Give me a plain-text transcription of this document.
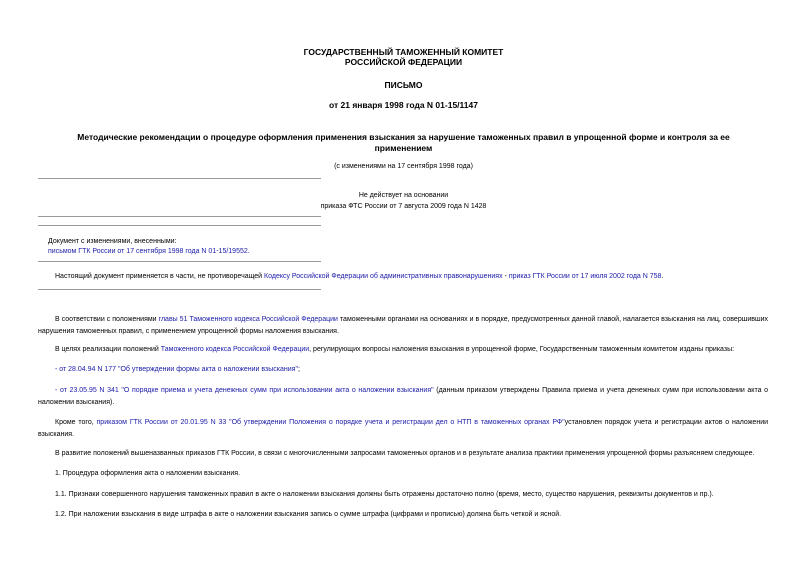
ГОСУДАРСТВЕННЫЙ ТАМОЖЕННЫЙ КОМИТЕТ
РОССИЙСКОЙ ФЕДЕРАЦИИ
ПИСЬМО
от 21 января 1998 года N 01-15/1147
Методические рекомендации о процедуре оформления применения взыскания за нарушение таможенных правил в упрощенной форме и контроля за ее
применением
(с изменениями на 17 сентября 1998 года)
Не действует на основании
приказа ФТС России от 7 августа 2009 года N 1428
Документ с изменениями, внесенными:
письмом ГТК России от 17 сентября 1998 года N 01-15/19552.
Настоящий документ применяется в части, не противоречащей Кодексу Российской Федерации об административных правонарушениях - приказ ГТК России от 17 июля 2002 года N 758.
В соответствии с положениями главы 51 Таможенного кодекса Российской Федерации таможенными органами на основаниях и в порядке, предусмотренных данной главой, налагается взыскания на лиц, совершивших нарушения таможенных правил, с применением упрощенной формы наложения взыскания.
В целях реализации положений Таможенного кодекса Российской Федерации, регулирующих вопросы наложения взыскания в упрощенной форме, Государственным таможенным комитетом изданы приказы:
- от 28.04.94 N 177 "Об утверждении формы акта о наложении взыскания";
- от 23.05.95 N 341 "О порядке приема и учета денежных сумм при использовании акта о наложении взыскания" (данным приказом утверждены Правила приема и учета денежных сумм при использовании акта о наложении взыскания).
Кроме того, приказом ГТК России от 20.01.95 N 33 "Об утверждении Положения о порядке учета и регистрации дел о НТП в таможенных органах РФ"установлен порядок учета и регистрации актов о наложении взыскания.
В развитие положений вышеназванных приказов ГТК России, в связи с многочисленными запросами таможенных органов и в результате анализа практики применения упрощенной формы разъясняем следующее.
1. Процедура оформления акта о наложении взыскания.
1.1. Признаки совершенного нарушения таможенных правил в акте о наложении взыскания должны быть отражены достаточно полно (время, место, существо нарушения, реквизиты документов и пр.).
1.2. При наложении взыскания в виде штрафа в акте о наложении взыскания запись о сумме штрафа (цифрами и прописью) должна быть четкой и ясной.
